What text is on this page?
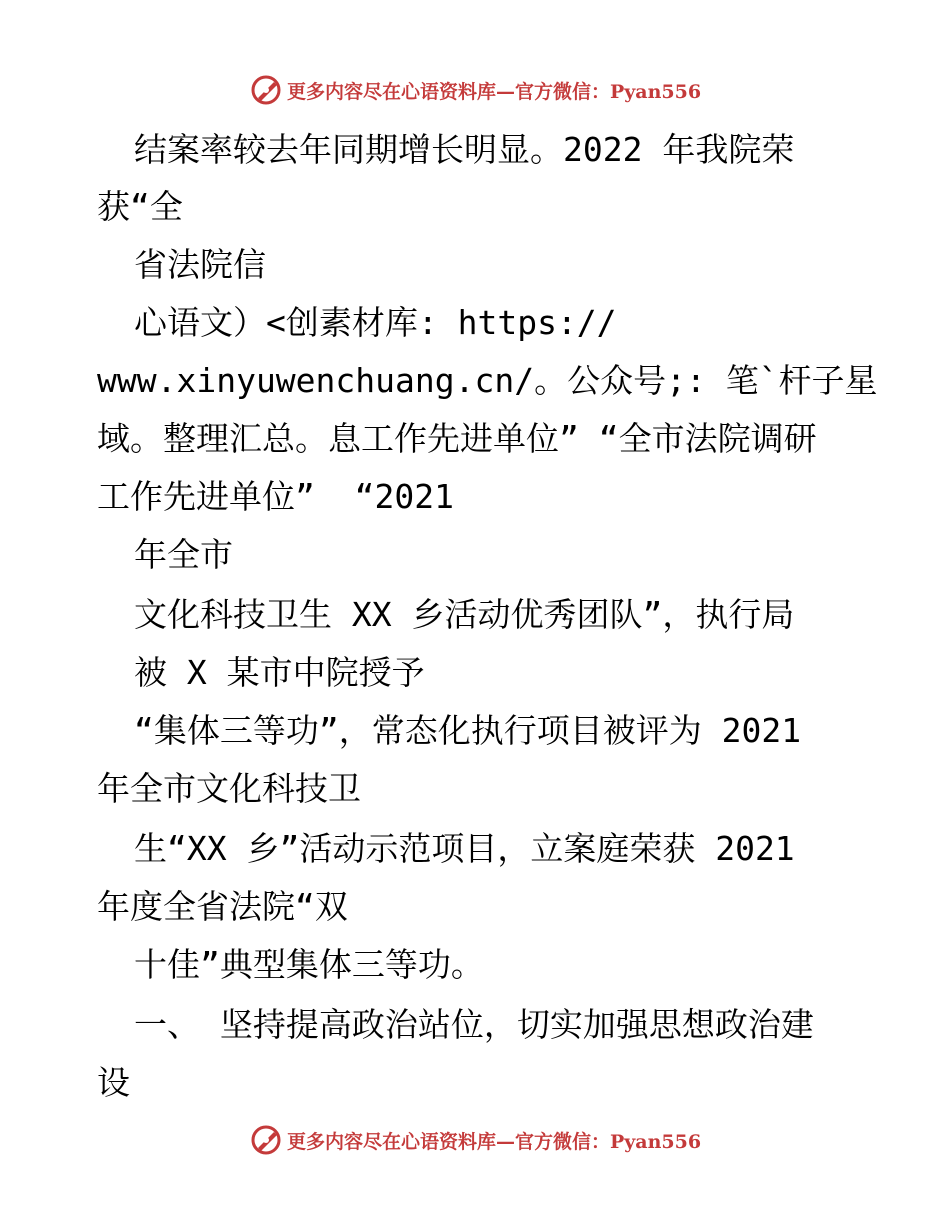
更多内容尽在心语资料库—官方微信：Pyan556
结案率较去年同期增长明显。2022 年我院荣
获“全
省法院信
心语文）<创素材库: https://
www.xinyuwenchuang.cn/。公众号;: 笔`杆子星
域。整理汇总。息工作先进单位” “全市法院调研
工作先进单位”  “2021
年全市
文化科技卫生 XX 乡活动优秀团队”，执行局
被 X 某市中院授予
“集体三等功”，常态化执行项目被评为 2021
年全市文化科技卫
生“XX 乡”活动示范项目，立案庭荣获 2021
年度全省法院“双
十佳”典型集体三等功。
一、 坚持提高政治站位，切实加强思想政治建
设
更多内容尽在心语资料库—官方微信：Pyan556
